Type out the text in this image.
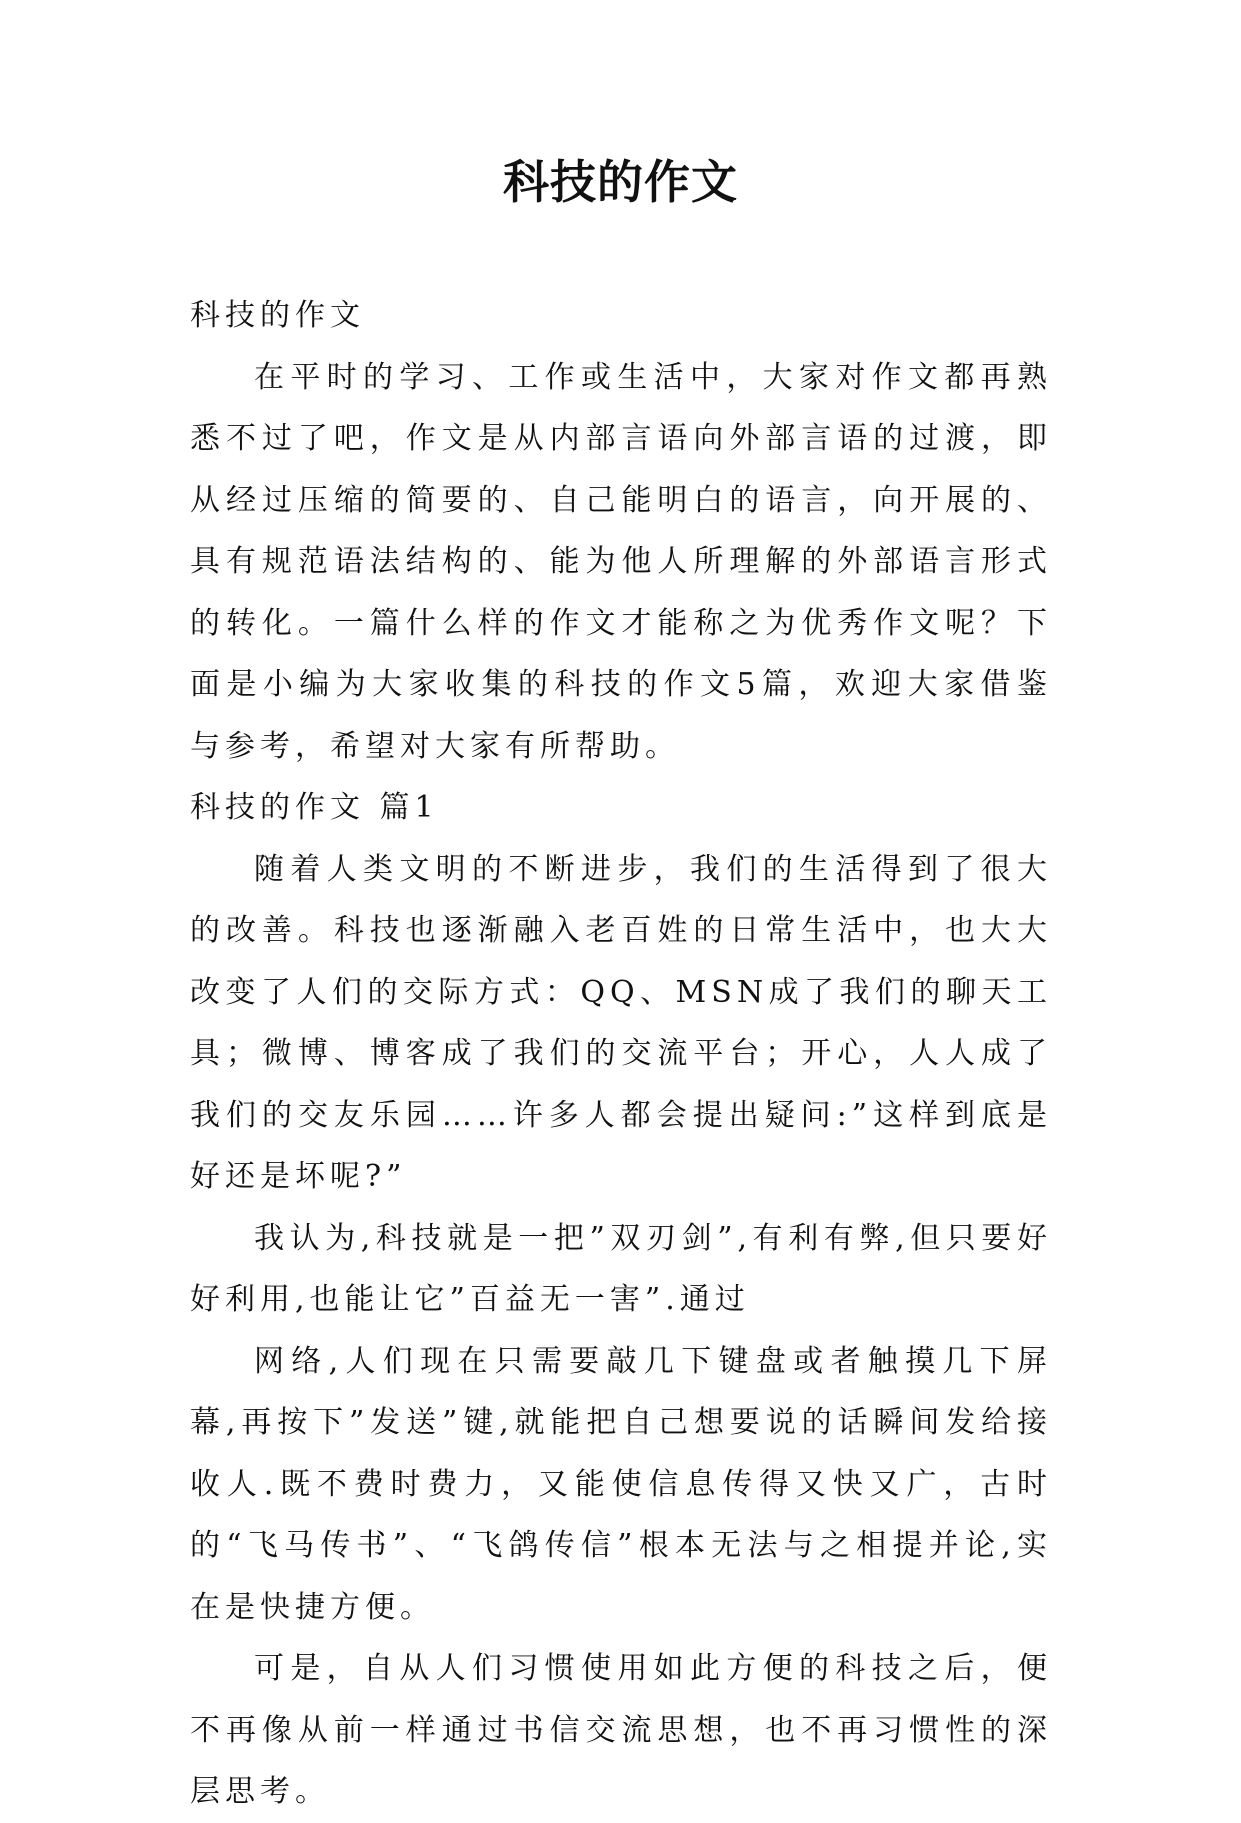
科技的作文

科技的作文

在平时的学习、工作或生活中，大家对作文都再熟悉不过了吧，作文是从内部言语向外部言语的过渡，即从经过压缩的简要的、自己能明白的语言，向开展的、具有规范语法结构的、能为他人所理解的外部语言形式的转化。一篇什么样的作文才能称之为优秀作文呢？下面是小编为大家收集的科技的作文5篇，欢迎大家借鉴与参考，希望对大家有所帮助。

科技的作文 篇1

随着人类文明的不断进步，我们的生活得到了很大的改善。科技也逐渐融入老百姓的日常生活中，也大大改变了人们的交际方式：QQ、MSN成了我们的聊天工具；微博、博客成了我们的交流平台；开心，人人成了我们的交友乐园……许多人都会提出疑问:”这样到底是好还是坏呢?”

我认为,科技就是一把”双刃剑”,有利有弊,但只要好好利用,也能让它”百益无一害”.通过

网络,人们现在只需要敲几下键盘或者触摸几下屏幕,再按下”发送”键,就能把自己想要说的话瞬间发给接收人.既不费时费力，又能使信息传得又快又广，古时的“飞马传书”、“飞鸽传信”根本无法与之相提并论,实在是快捷方便。

可是，自从人们习惯使用如此方便的科技之后，便不再像从前一样通过书信交流思想，也不再习惯性的深层思考。
